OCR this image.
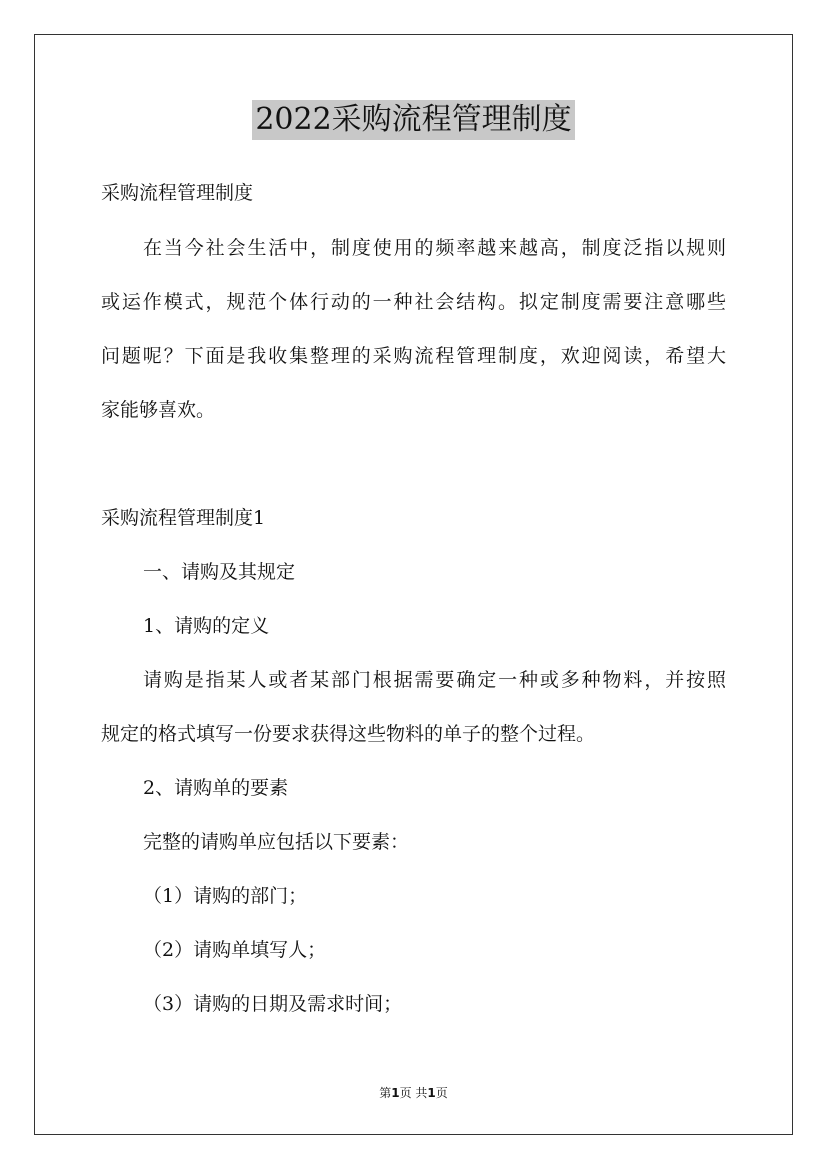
2022采购流程管理制度
采购流程管理制度
在当今社会生活中，制度使用的频率越来越高，制度泛指以规则
或运作模式，规范个体行动的一种社会结构。拟定制度需要注意哪些
问题呢？下面是我收集整理的采购流程管理制度，欢迎阅读，希望大
家能够喜欢。
采购流程管理制度1
一、请购及其规定
1、请购的定义
请购是指某人或者某部门根据需要确定一种或多种物料，并按照
规定的格式填写一份要求获得这些物料的单子的整个过程。
2、请购单的要素
完整的请购单应包括以下要素：
（1）请购的部门；
（2）请购单填写人；
（3）请购的日期及需求时间；
第1页 共1页
